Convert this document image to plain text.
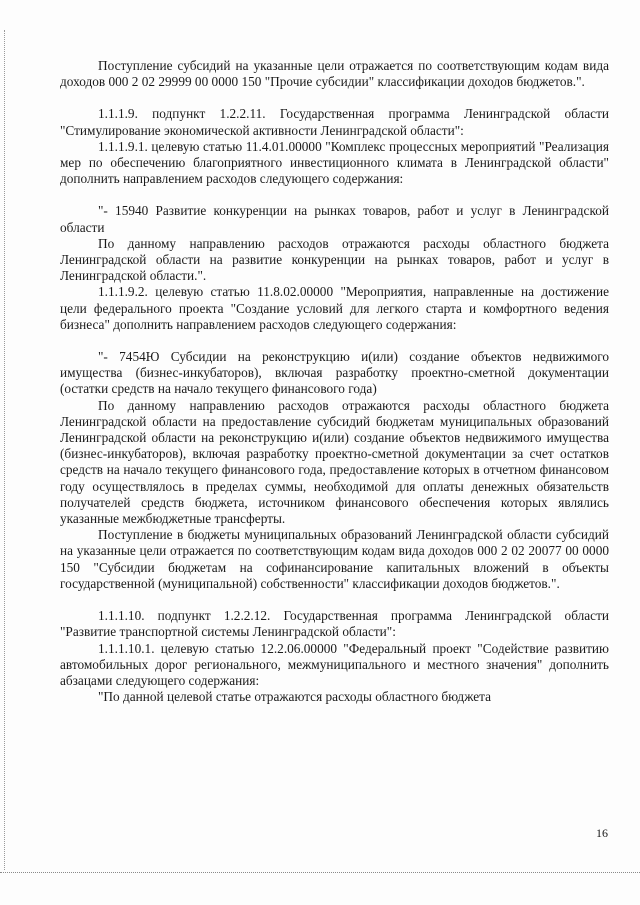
Поступление субсидий на указанные цели отражается по соответствующим кодам вида доходов 000 2 02 29999 00 0000 150 "Прочие субсидии" классификации доходов бюджетов.".

1.1.1.9. подпункт 1.2.2.11. Государственная программа Ленинградской области "Стимулирование экономической активности Ленинградской области":

1.1.1.9.1. целевую статью 11.4.01.00000 "Комплекс процессных мероприятий "Реализация мер по обеспечению благоприятного инвестиционного климата в Ленинградской области" дополнить направлением расходов следующего содержания:

"- 15940 Развитие конкуренции на рынках товаров, работ и услуг в Ленинградской области

По данному направлению расходов отражаются расходы областного бюджета Ленинградской области на развитие конкуренции на рынках товаров, работ и услуг в Ленинградской области.".

1.1.1.9.2. целевую статью 11.8.02.00000 "Мероприятия, направленные на достижение цели федерального проекта "Создание условий для легкого старта и комфортного ведения бизнеса" дополнить направлением расходов следующего содержания:

"- 7454Ю Субсидии на реконструкцию и(или) создание объектов недвижимого имущества (бизнес-инкубаторов), включая разработку проектно-сметной документации (остатки средств на начало текущего финансового года)

По данному направлению расходов отражаются расходы областного бюджета Ленинградской области на предоставление субсидий бюджетам муниципальных образований Ленинградской области на реконструкцию и(или) создание объектов недвижимого имущества (бизнес-инкубаторов), включая разработку проектно-сметной документации за счет остатков средств на начало текущего финансового года, предоставление которых в отчетном финансовом году осуществлялось в пределах суммы, необходимой для оплаты денежных обязательств получателей средств бюджета, источником финансового обеспечения которых являлись указанные межбюджетные трансферты.

Поступление в бюджеты муниципальных образований Ленинградской области субсидий на указанные цели отражается по соответствующим кодам вида доходов 000 2 02 20077 00 0000 150 "Субсидии бюджетам на софинансирование капитальных вложений в объекты государственной (муниципальной) собственности" классификации доходов бюджетов.".

1.1.1.10. подпункт 1.2.2.12. Государственная программа Ленинградской области "Развитие транспортной системы Ленинградской области":

1.1.1.10.1. целевую статью 12.2.06.00000 "Федеральный проект "Содействие развитию автомобильных дорог регионального, межмуниципального и местного значения" дополнить абзацами следующего содержания:

"По данной целевой статье отражаются расходы областного бюджета

16
